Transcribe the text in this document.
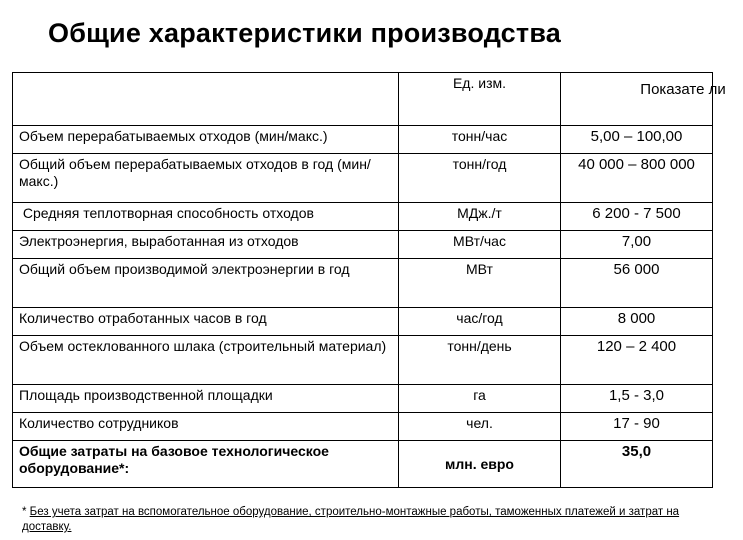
Общие характеристики производства
	Ед. изм.	Показате ли

Объем перерабатываемых отходов (мин/макс.)	тонн/час	5,00 – 100,00
Общий объем перерабатываемых отходов в год (мин/макс.)	тонн/год	40 000 – 800 000
Средняя теплотворная способность отходов	МДж./т	6 200 - 7 500
Электроэнергия, выработанная из отходов	МВт/час	7,00
Общий объем производимой электроэнергии в год	МВт	56 000
Количество отработанных часов в год	час/год	8 000
Объем остеклованного шлака (строительный материал)	тонн/день	120 – 2 400
Площадь производственной площадки	га	1,5 - 3,0
Количество сотрудников	чел.	17 - 90
Общие затраты на базовое технологическое оборудование*:	млн. евро	35,0
* Без учета затрат на вспомогательное оборудование, строительно-монтажные работы, таможенных платежей и затрат на доставку.
